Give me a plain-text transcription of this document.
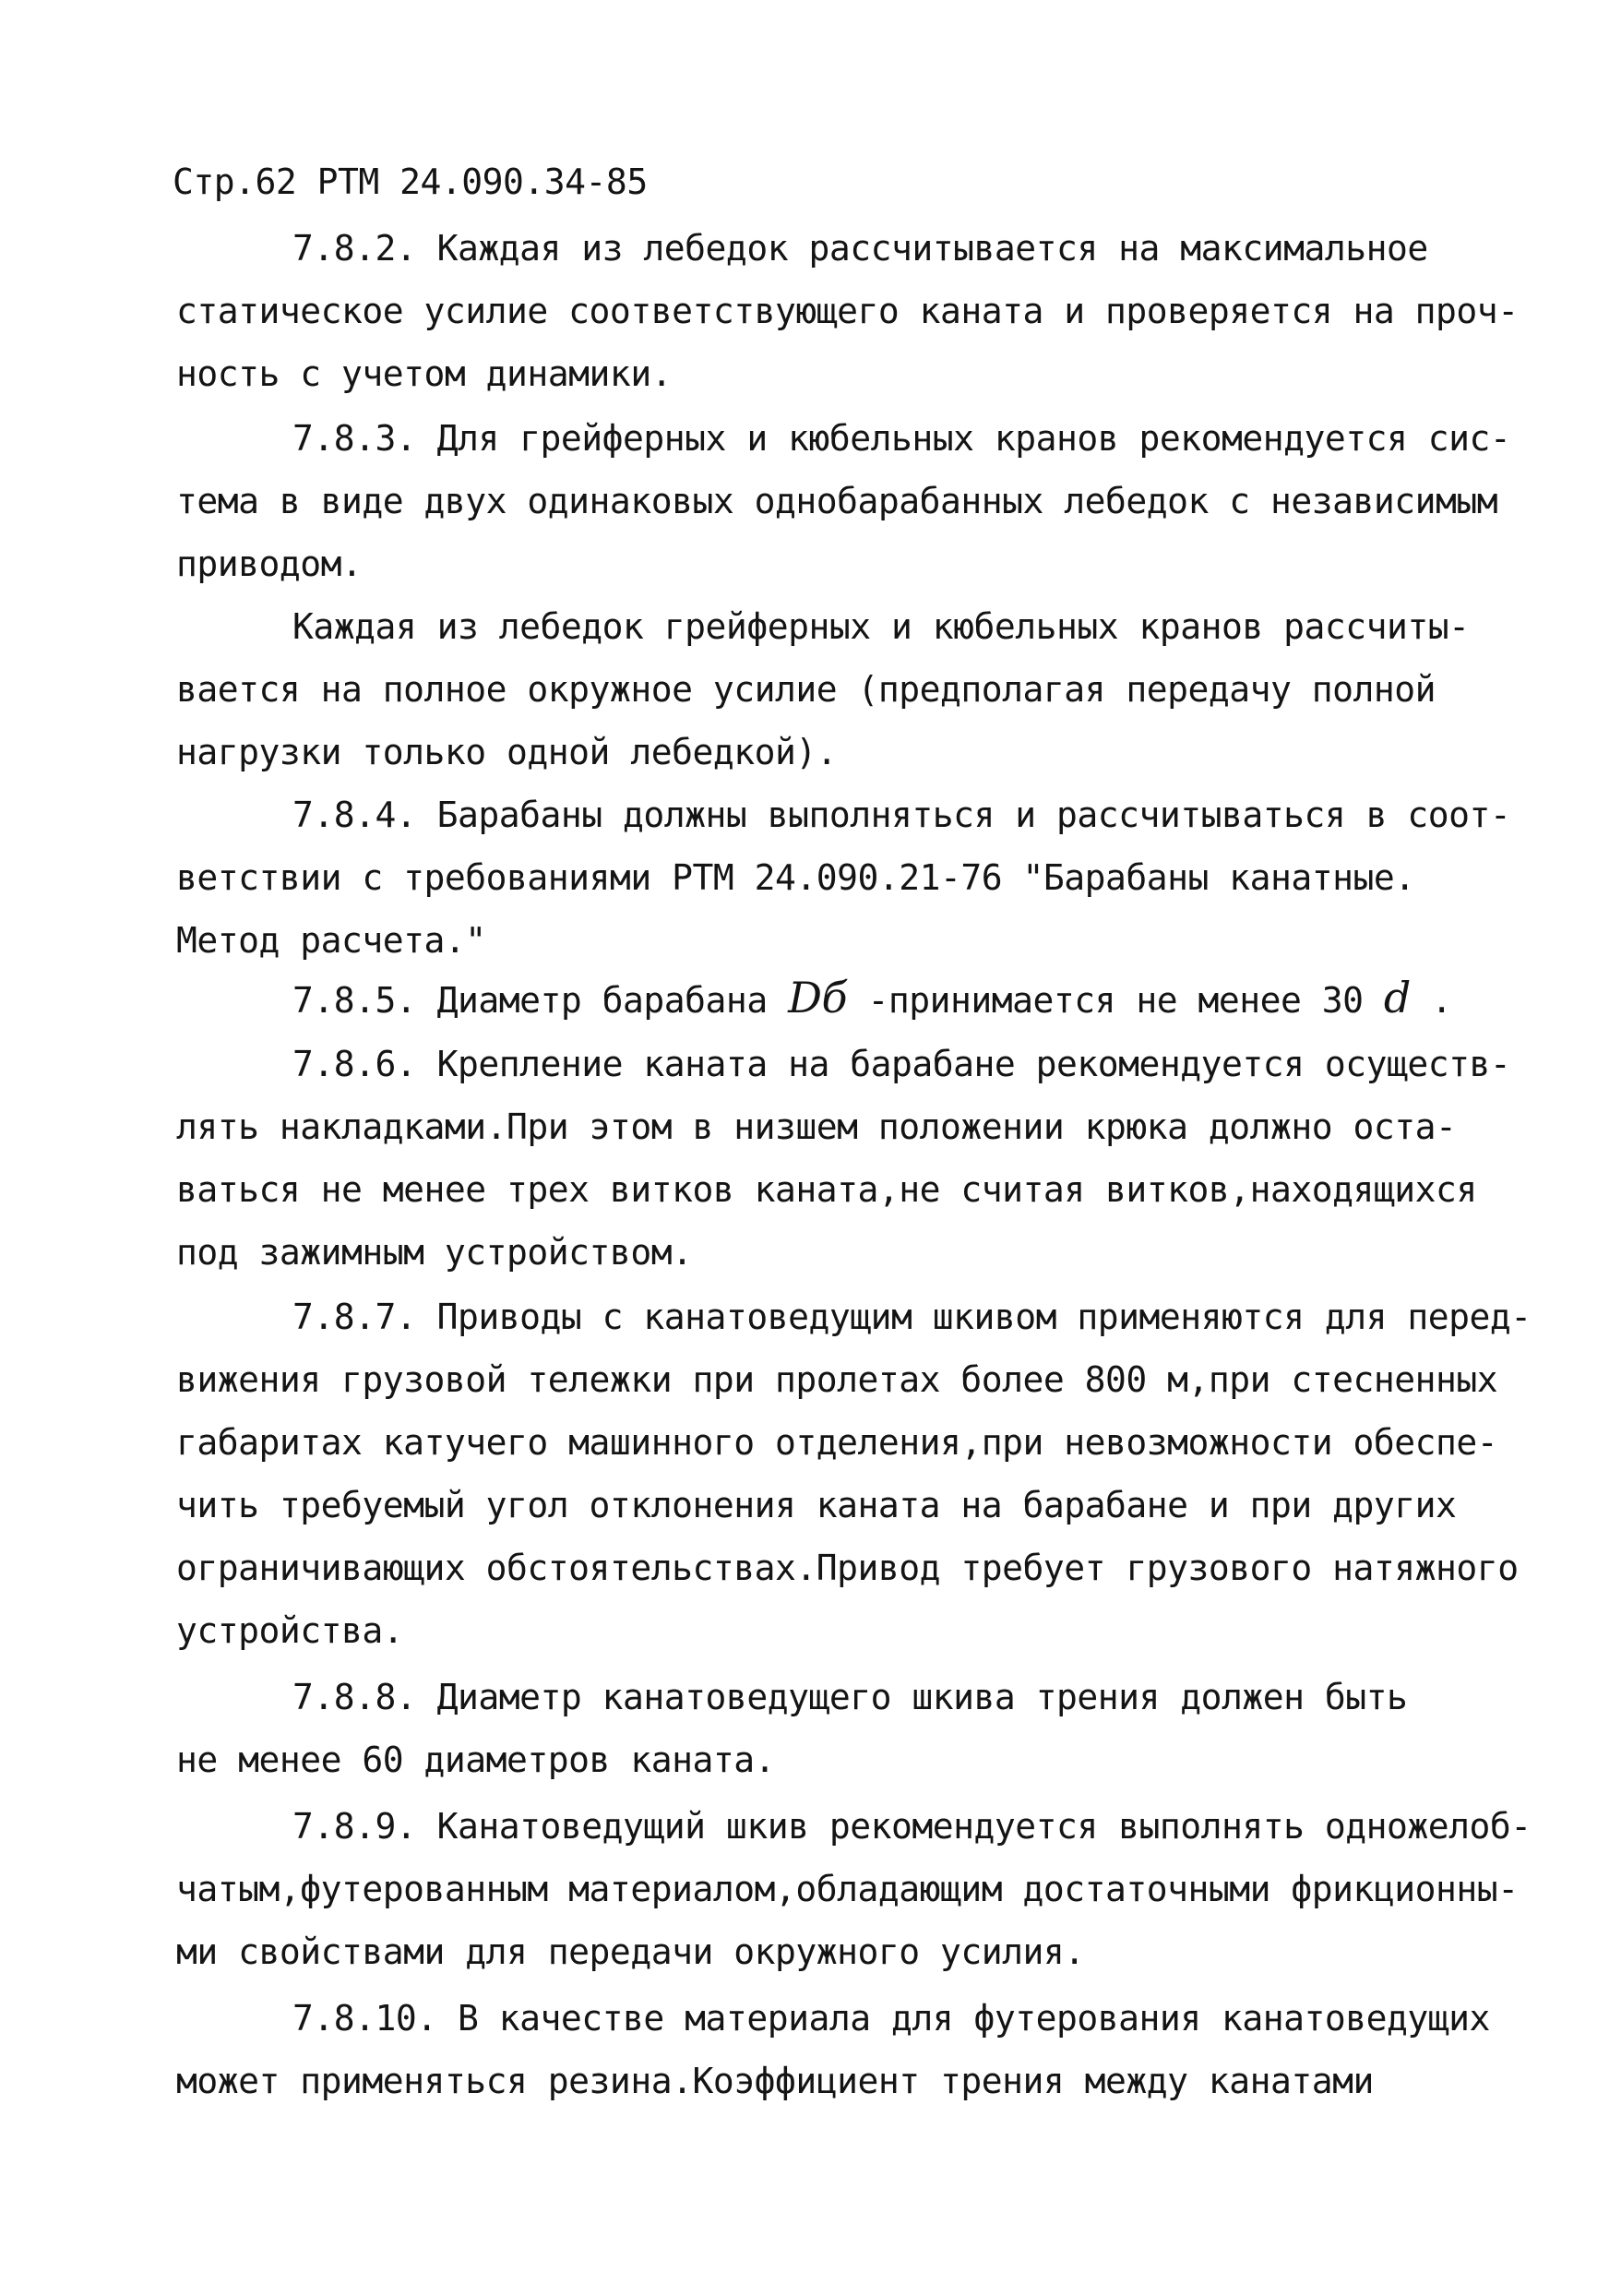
Стр.62 РТМ 24.090.34-85

7.8.2. Каждая из лебедок рассчитывается на максимальное

статическое усилие соответствующего каната и проверяется на проч-

ность с учетом динамики.

7.8.3. Для грейферных и кюбельных кранов рекомендуется сис-

тема в виде двух одинаковых однобарабанных лебедок с независимым

приводом.

Каждая из лебедок грейферных и кюбельных кранов рассчиты-

вается на полное окружное усилие (предполагая передачу полной

нагрузки только одной лебедкой).

7.8.4. Барабаны должны выполняться и рассчитываться в соот-

ветствии с требованиями РТМ 24.090.21-76 "Барабаны канатные.

Метод расчета."

7.8.5. Диаметр барабана Dб -принимается не менее 30 d .

7.8.6. Крепление каната на барабане рекомендуется осуществ-

лять накладками.При этом в низшем положении крюка должно оста-

ваться не менее трех витков каната,не считая витков,находящихся

под зажимным устройством.

7.8.7. Приводы с канатоведущим шкивом применяются для перед-

вижения грузовой тележки при пролетах более 800 м,при стесненных

габаритах катучего машинного отделения,при невозможности обеспе-

чить требуемый угол отклонения каната на барабане и при других

ограничивающих обстоятельствах.Привод требует грузового натяжного

устройства.

7.8.8. Диаметр канатоведущего шкива трения должен быть

не менее 60 диаметров каната.

7.8.9. Канатоведущий шкив рекомендуется выполнять одножелоб-

чатым,футерованным материалом,обладающим достаточными фрикционны-

ми свойствами для передачи окружного усилия.

7.8.10. В качестве материала для футерования канатоведущих

может применяться резина.Коэффициент трения между канатами
